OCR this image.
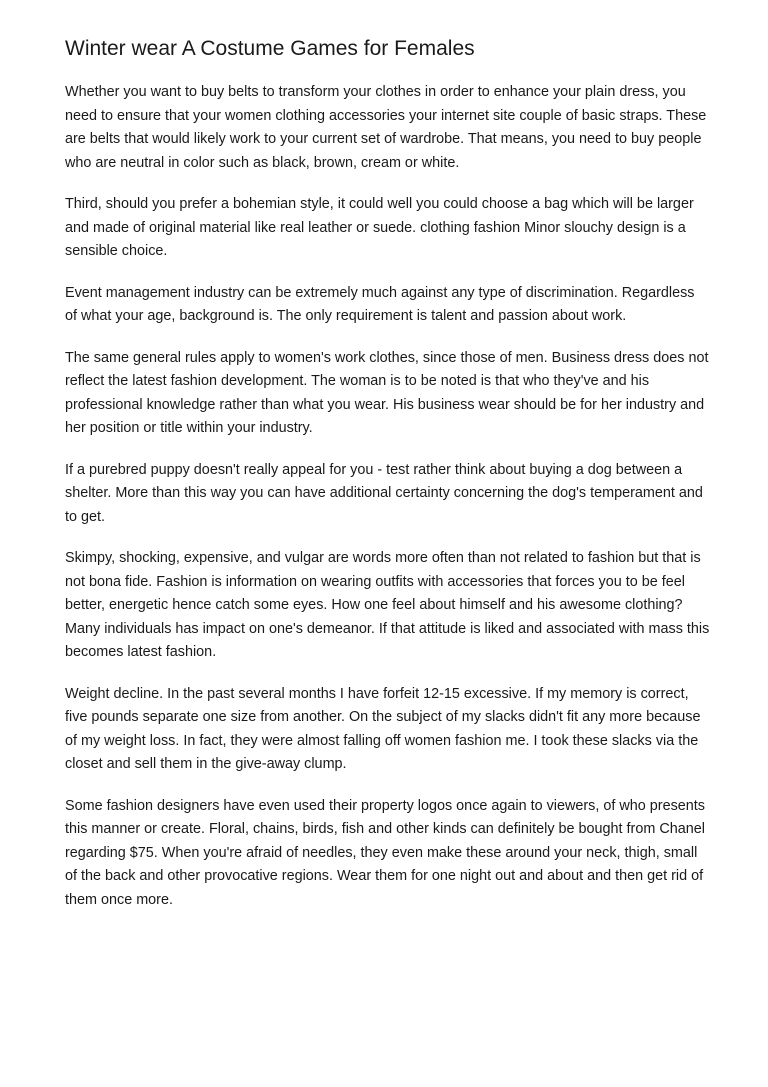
Winter wear A Costume Games for Females

Whether you want to buy belts to transform your clothes in order to enhance your plain dress, you need to ensure that your women clothing accessories your internet site couple of basic straps. These are belts that would likely work to your current set of wardrobe. That means, you need to buy people who are neutral in color such as black, brown, cream or white.

Third, should you prefer a bohemian style, it could well you could choose a bag which will be larger and made of original material like real leather or suede. clothing fashion Minor slouchy design is a sensible choice.

Event management industry can be extremely much against any type of discrimination. Regardless of what your age, background is. The only requirement is talent and passion about work.

The same general rules apply to women's work clothes, since those of men. Business dress does not reflect the latest fashion development. The woman is to be noted is that who they've and his professional knowledge rather than what you wear. His business wear should be for her industry and her position or title within your industry.

If a purebred puppy doesn't really appeal for you - test rather think about buying a dog between a shelter. More than this way you can have additional certainty concerning the dog's temperament and to get.

Skimpy, shocking, expensive, and vulgar are words more often than not related to fashion but that is not bona fide. Fashion is information on wearing outfits with accessories that forces you to be feel better, energetic hence catch some eyes. How one feel about himself and his awesome clothing? Many individuals has impact on one's demeanor. If that attitude is liked and associated with mass this becomes latest fashion.

Weight decline. In the past several months I have forfeit 12-15 excessive. If my memory is correct, five pounds separate one size from another. On the subject of my slacks didn't fit any more because of my weight loss. In fact, they were almost falling off women fashion me. I took these slacks via the closet and sell them in the give-away clump.

Some fashion designers have even used their property logos once again to viewers, of who presents this manner or create. Floral, chains, birds, fish and other kinds can definitely be bought from Chanel regarding $75. When you're afraid of needles, they even make these around your neck, thigh, small of the back and other provocative regions. Wear them for one night out and about and then get rid of them once more.
